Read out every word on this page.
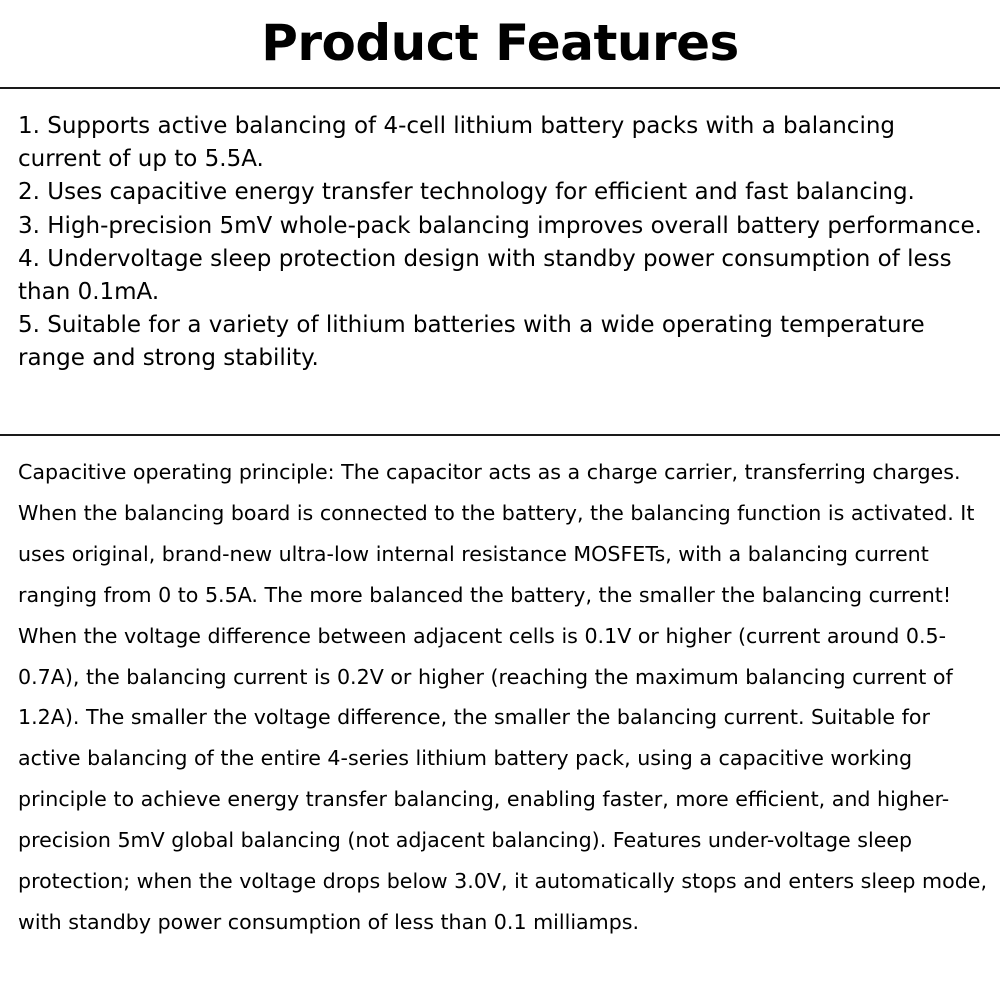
Product Features
1. Supports active balancing of 4-cell lithium battery packs with a balancing current of up to 5.5A.
2. Uses capacitive energy transfer technology for efficient and fast balancing.
3. High-precision 5mV whole-pack balancing improves overall battery performance.
4. Undervoltage sleep protection design with standby power consumption of less than 0.1mA.
5. Suitable for a variety of lithium batteries with a wide operating temperature range and strong stability.

Capacitive operating principle: The capacitor acts as a charge carrier, transferring charges. When the balancing board is connected to the battery, the balancing function is activated. It uses original, brand-new ultra-low internal resistance MOSFETs, with a balancing current ranging from 0 to 5.5A. The more balanced the battery, the smaller the balancing current! When the voltage difference between adjacent cells is 0.1V or higher (current around 0.5-0.7A), the balancing current is 0.2V or higher (reaching the maximum balancing current of 1.2A). The smaller the voltage difference, the smaller the balancing current. Suitable for active balancing of the entire 4-series lithium battery pack, using a capacitive working principle to achieve energy transfer balancing, enabling faster, more efficient, and higher-precision 5mV global balancing (not adjacent balancing). Features under-voltage sleep protection; when the voltage drops below 3.0V, it automatically stops and enters sleep mode, with standby power consumption of less than 0.1 milliamps.
